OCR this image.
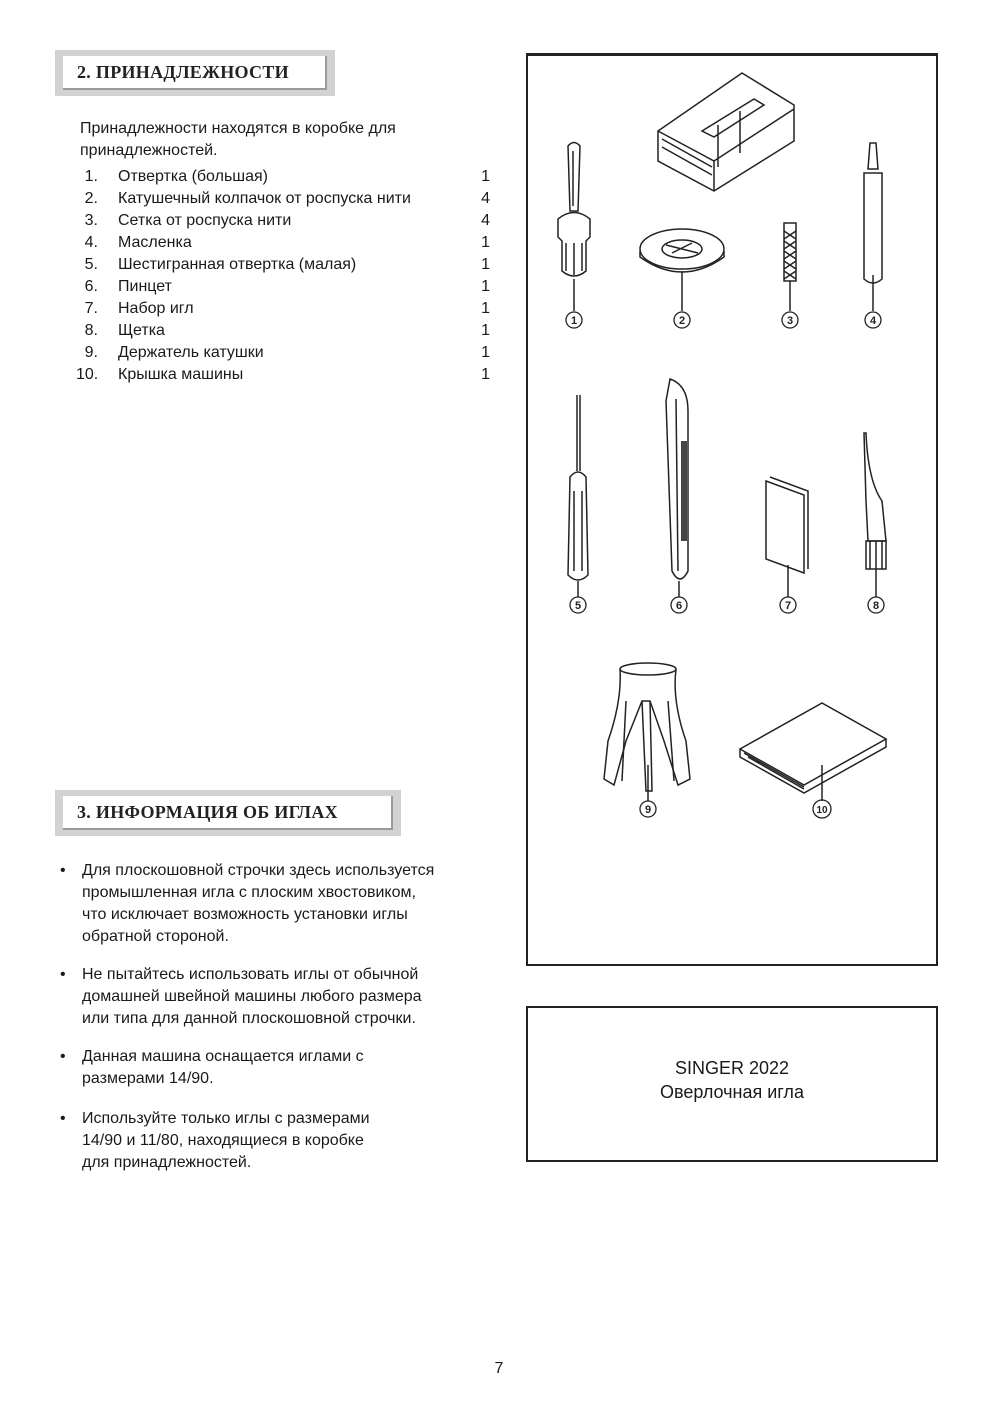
2. ПРИНАДЛЕЖНОСТИ
Принадлежности находятся в коробке для
принадлежностей.
1. Отвертка (большая)	1
2. Катушечный колпачок от роспуска нити	4
3. Сетка от роспуска нити	4
4. Масленка	1
5. Шестигранная отвертка (малая)	1
6. Пинцет	1
7. Набор игл	1
8. Щетка	1
9. Держатель катушки	1
10. Крышка машины	1
3. ИНФОРМАЦИЯ ОБ ИГЛАХ
• Для плоскошовной строчки здесь используется
промышленная игла с плоским хвостовиком,
что исключает возможность установки иглы
обратной стороной.
• Не пытайтесь использовать иглы от обычной
домашней швейной машины любого размера
или типа для данной плоскошовной строчки.
• Данная машина оснащается иглами с
размерами 14/90.
• Используйте только иглы с размерами
14/90 и 11/80, находящиеся в коробке
для принадлежностей.
1	2	3	4
5	6	7	8
9	10
SINGER 2022
Оверлочная игла
7
